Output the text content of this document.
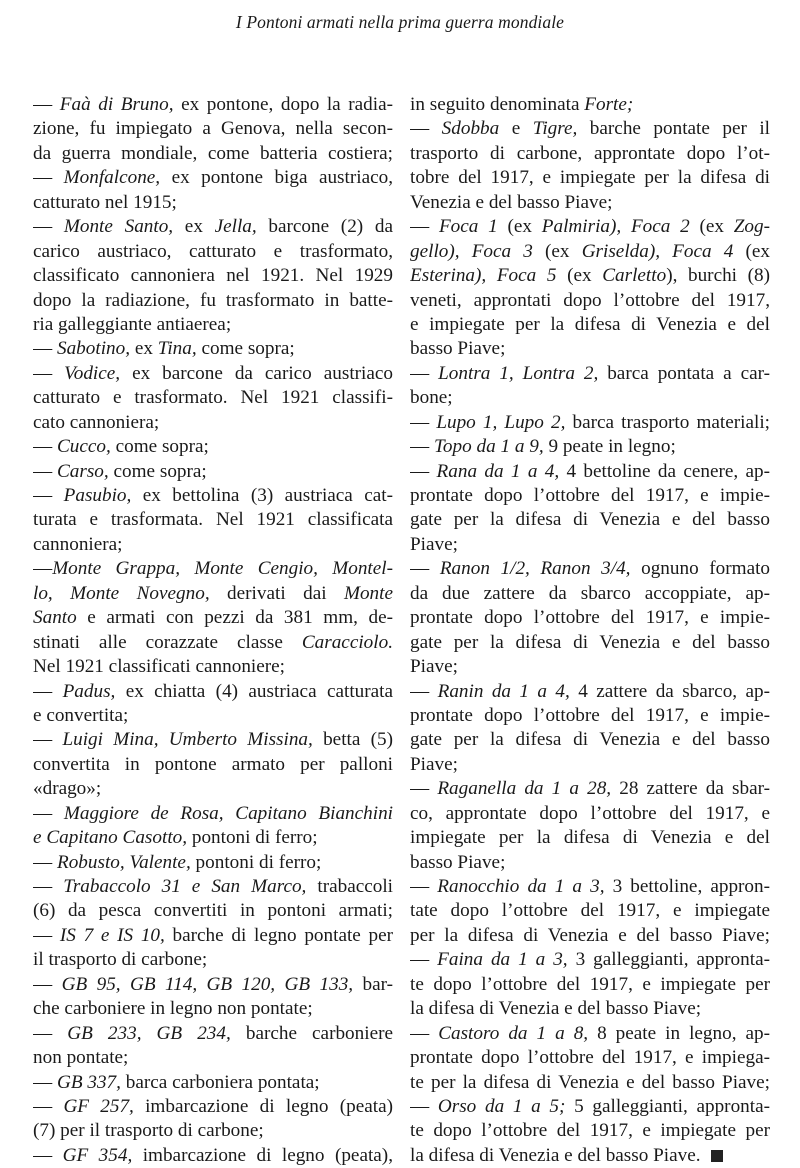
I Pontoni armati nella prima guerra mondiale
— Faà di Bruno, ex pontone, dopo la radia-
zione, fu impiegato a Genova, nella secon-
da guerra mondiale, come batteria costiera;
— Monfalcone, ex pontone biga austriaco,
catturato nel 1915;
— Monte Santo, ex Jella, barcone (2) da
carico austriaco, catturato e trasformato,
classificato cannoniera nel 1921. Nel 1929
dopo la radiazione, fu trasformato in batte-
ria galleggiante antiaerea;
— Sabotino, ex Tina, come sopra;
— Vodice, ex barcone da carico austriaco
catturato e trasformato. Nel 1921 classifi-
cato cannoniera;
— Cucco, come sopra;
— Carso, come sopra;
— Pasubio, ex bettolina (3) austriaca cat-
turata e trasformata. Nel 1921 classificata
cannoniera;
—Monte Grappa, Monte Cengio, Montel-
lo, Monte Novegno, derivati dai Monte
Santo e armati con pezzi da 381 mm, de-
stinati alle corazzate classe Caracciolo.
Nel 1921 classificati cannoniere;
— Padus, ex chiatta (4) austriaca catturata
e convertita;
— Luigi Mina, Umberto Missina, betta (5)
convertita in pontone armato per palloni
«drago»;
— Maggiore de Rosa, Capitano Bianchini
e Capitano Casotto, pontoni di ferro;
— Robusto, Valente, pontoni di ferro;
— Trabaccolo 31 e San Marco, trabaccoli
(6) da pesca convertiti in pontoni armati;
— IS 7 e IS 10, barche di legno pontate per
il trasporto di carbone;
— GB 95, GB 114, GB 120, GB 133, bar-
che carboniere in legno non pontate;
— GB 233, GB 234, barche carboniere
non pontate;
— GB 337, barca carboniera pontata;
— GF 257, imbarcazione di legno (peata)
(7) per il trasporto di carbone;
— GF 354, imbarcazione di legno (peata),
in seguito denominata Forte;
— Sdobba e Tigre, barche pontate per il
trasporto di carbone, approntate dopo l’ot-
tobre del 1917, e impiegate per la difesa di
Venezia e del basso Piave;
— Foca 1 (ex Palmiria), Foca 2 (ex Zog-
gello), Foca 3 (ex Griselda), Foca 4 (ex
Esterina), Foca 5 (ex Carletto), burchi (8)
veneti, approntati dopo l’ottobre del 1917,
e impiegate per la difesa di Venezia e del
basso Piave;
— Lontra 1, Lontra 2, barca pontata a car-
bone;
— Lupo 1, Lupo 2, barca trasporto materiali;
— Topo da 1 a 9, 9 peate in legno;
— Rana da 1 a 4, 4 bettoline da cenere, ap-
prontate dopo l’ottobre del 1917, e impie-
gate per la difesa di Venezia e del basso
Piave;
— Ranon 1/2, Ranon 3/4, ognuno formato
da due zattere da sbarco accoppiate, ap-
prontate dopo l’ottobre del 1917, e impie-
gate per la difesa di Venezia e del basso
Piave;
— Ranin da 1 a 4, 4 zattere da sbarco, ap-
prontate dopo l’ottobre del 1917, e impie-
gate per la difesa di Venezia e del basso
Piave;
— Raganella da 1 a 28, 28 zattere da sbar-
co, approntate dopo l’ottobre del 1917, e
impiegate per la difesa di Venezia e del
basso Piave;
— Ranocchio da 1 a 3, 3 bettoline, appron-
tate dopo l’ottobre del 1917, e impiegate
per la difesa di Venezia e del basso Piave;
— Faina da 1 a 3, 3 galleggianti, appronta-
te dopo l’ottobre del 1917, e impiegate per
la difesa di Venezia e del basso Piave;
— Castoro da 1 a 8, 8 peate in legno, ap-
prontate dopo l’ottobre del 1917, e impiega-
te per la difesa di Venezia e del basso Piave;
— Orso da 1 a 5; 5 galleggianti, appronta-
te dopo l’ottobre del 1917, e impiegate per
la difesa di Venezia e del basso Piave.
